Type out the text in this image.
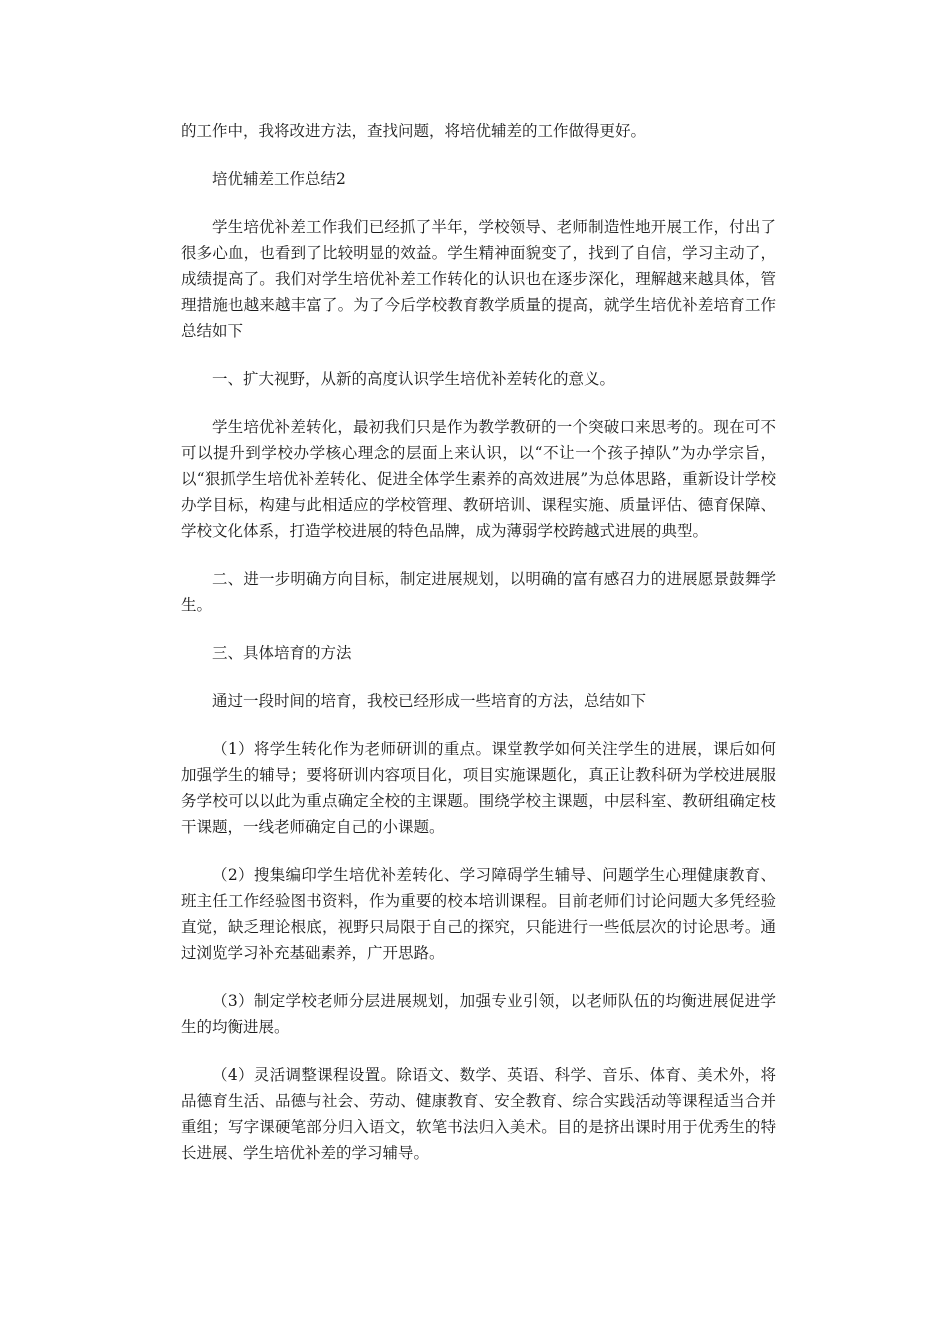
的工作中，我将改进方法，查找问题，将培优辅差的工作做得更好。

培优辅差工作总结2

学生培优补差工作我们已经抓了半年，学校领导、老师制造性地开展工作，付出了很多心血，也看到了比较明显的效益。学生精神面貌变了，找到了自信，学习主动了，成绩提高了。我们对学生培优补差工作转化的认识也在逐步深化，理解越来越具体，管理措施也越来越丰富了。为了今后学校教育教学质量的提高，就学生培优补差培育工作总结如下

一、扩大视野，从新的高度认识学生培优补差转化的意义。

学生培优补差转化，最初我们只是作为教学教研的一个突破口来思考的。现在可不可以提升到学校办学核心理念的层面上来认识，以“不让一个孩子掉队”为办学宗旨，以“狠抓学生培优补差转化、促进全体学生素养的高效进展”为总体思路，重新设计学校办学目标，构建与此相适应的学校管理、教研培训、课程实施、质量评估、德育保障、学校文化体系，打造学校进展的特色品牌，成为薄弱学校跨越式进展的典型。

二、进一步明确方向目标，制定进展规划，以明确的富有感召力的进展愿景鼓舞学生。

三、具体培育的方法

通过一段时间的培育，我校已经形成一些培育的方法，总结如下

（1）将学生转化作为老师研训的重点。课堂教学如何关注学生的进展，课后如何加强学生的辅导；要将研训内容项目化，项目实施课题化，真正让教科研为学校进展服务学校可以以此为重点确定全校的主课题。围绕学校主课题，中层科室、教研组确定枝干课题，一线老师确定自己的小课题。

（2）搜集编印学生培优补差转化、学习障碍学生辅导、问题学生心理健康教育、班主任工作经验图书资料，作为重要的校本培训课程。目前老师们讨论问题大多凭经验直觉，缺乏理论根底，视野只局限于自己的探究，只能进行一些低层次的讨论思考。通过浏览学习补充基础素养，广开思路。

（3）制定学校老师分层进展规划，加强专业引领，以老师队伍的均衡进展促进学生的均衡进展。

（4）灵活调整课程设置。除语文、数学、英语、科学、音乐、体育、美术外，将品德育生活、品德与社会、劳动、健康教育、安全教育、综合实践活动等课程适当合并重组；写字课硬笔部分归入语文，软笔书法归入美术。目的是挤出课时用于优秀生的特长进展、学生培优补差的学习辅导。
